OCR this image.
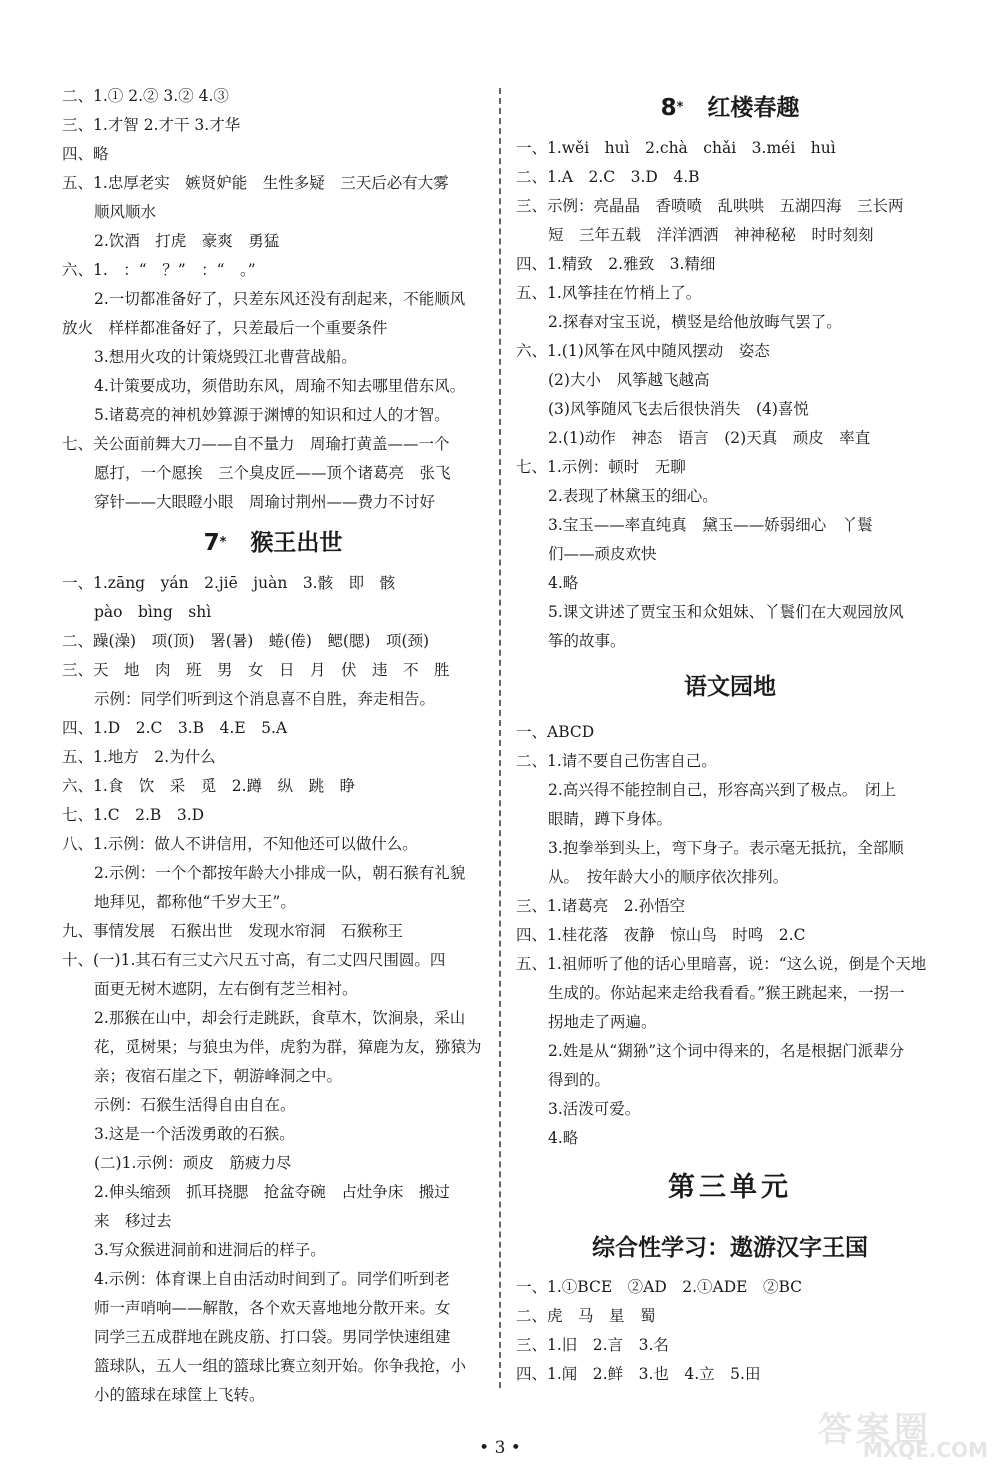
二、1.① 2.② 3.② 4.③
三、1.才智 2.才干 3.才华
四、略
五、1.忠厚老实　嫉贤妒能　生性多疑　三天后必有大雾
顺风顺水
2.饮酒　打虎　豪爽　勇猛
六、1.　：“　？”　：“　。”
2.一切都准备好了，只差东风还没有刮起来，不能顺风
放火　样样都准备好了，只差最后一个重要条件
3.想用火攻的计策烧毁江北曹营战船。
4.计策要成功，须借助东风，周瑜不知去哪里借东风。
5.诸葛亮的神机妙算源于渊博的知识和过人的才智。
七、关公面前舞大刀——自不量力　周瑜打黄盖——一个
愿打，一个愿挨　三个臭皮匠——顶个诸葛亮　张飞
穿针——大眼瞪小眼　周瑜讨荆州——费力不讨好
7* 猴王出世
一、1.zāng　yán　2.jiē　juàn　3.骸　即　骸
pào　bìng　shì
二、躁(澡)　项(顶)　署(暑)　蜷(倦)　鳃(腮)　项(颈)
三、天　地　肉　班　男　女　日　月　伏　违　不　胜
示例：同学们听到这个消息喜不自胜，奔走相告。
四、1.D　2.C　3.B　4.E　5.A
五、1.地方　2.为什么
六、1.食　饮　采　觅　2.蹲　纵　跳　睁
七、1.C　2.B　3.D
八、1.示例：做人不讲信用，不知他还可以做什么。
2.示例：一个个都按年龄大小排成一队，朝石猴有礼貌
地拜见，都称他“千岁大王”。
九、事情发展　石猴出世　发现水帘洞　石猴称王
十、(一)1.其石有三丈六尺五寸高，有二丈四尺围圆。四
面更无树木遮阴，左右倒有芝兰相衬。
2.那猴在山中，却会行走跳跃，食草木，饮涧泉，采山
花，觅树果；与狼虫为伴，虎豹为群，獐鹿为友，猕猿为
亲；夜宿石崖之下，朝游峰洞之中。
示例：石猴生活得自由自在。
3.这是一个活泼勇敢的石猴。
(二)1.示例：顽皮　筋疲力尽
2.伸头缩颈　抓耳挠腮　抢盆夺碗　占灶争床　搬过
来　移过去
3.写众猴进洞前和进洞后的样子。
4.示例：体育课上自由活动时间到了。同学们听到老
师一声哨响——解散，各个欢天喜地地分散开来。女
同学三五成群地在跳皮筋、打口袋。男同学快速组建
篮球队，五人一组的篮球比赛立刻开始。你争我抢，小
小的篮球在球筐上飞转。
8* 红楼春趣
一、1.wěi　huì　2.chà　chǎi　3.méi　huì
二、1.A　2.C　3.D　4.B
三、示例：亮晶晶　香喷喷　乱哄哄　五湖四海　三长两
短　三年五载　洋洋洒洒　神神秘秘　时时刻刻
四、1.精致　2.雅致　3.精细
五、1.风筝挂在竹梢上了。
2.探春对宝玉说，横竖是给他放晦气罢了。
六、1.(1)风筝在风中随风摆动　姿态
(2)大小　风筝越飞越高
(3)风筝随风飞去后很快消失　(4)喜悦
2.(1)动作　神态　语言　(2)天真　顽皮　率直
七、1.示例：顿时　无聊
2.表现了林黛玉的细心。
3.宝玉——率直纯真　黛玉——娇弱细心　丫鬟
们——顽皮欢快
4.略
5.课文讲述了贾宝玉和众姐妹、丫鬟们在大观园放风
筝的故事。
语文园地
一、ABCD
二、1.请不要自己伤害自己。
2.高兴得不能控制自己，形容高兴到了极点。　闭上
眼睛，蹲下身体。
3.抱拳举到头上，弯下身子。表示毫无抵抗，全部顺
从。　按年龄大小的顺序依次排列。
三、1.诸葛亮　2.孙悟空
四、1.桂花落　夜静　惊山鸟　时鸣　2.C
五、1.祖师听了他的话心里暗喜，说：“这么说，倒是个天地
生成的。你站起来走给我看看。”猴王跳起来，一拐一
拐地走了两遍。
2.姓是从“猢狲”这个词中得来的，名是根据门派辈分
得到的。
3.活泼可爱。
4.略
第三单元
综合性学习：遨游汉字王国
一、1.①BCE　②AD　2.①ADE　②BC
二、虎　马　星　蜀
三、1.旧　2.言　3.名
四、1.闻　2.鲜　3.也　4.立　5.田
• 3 •	答案圈
MXQE.COM
